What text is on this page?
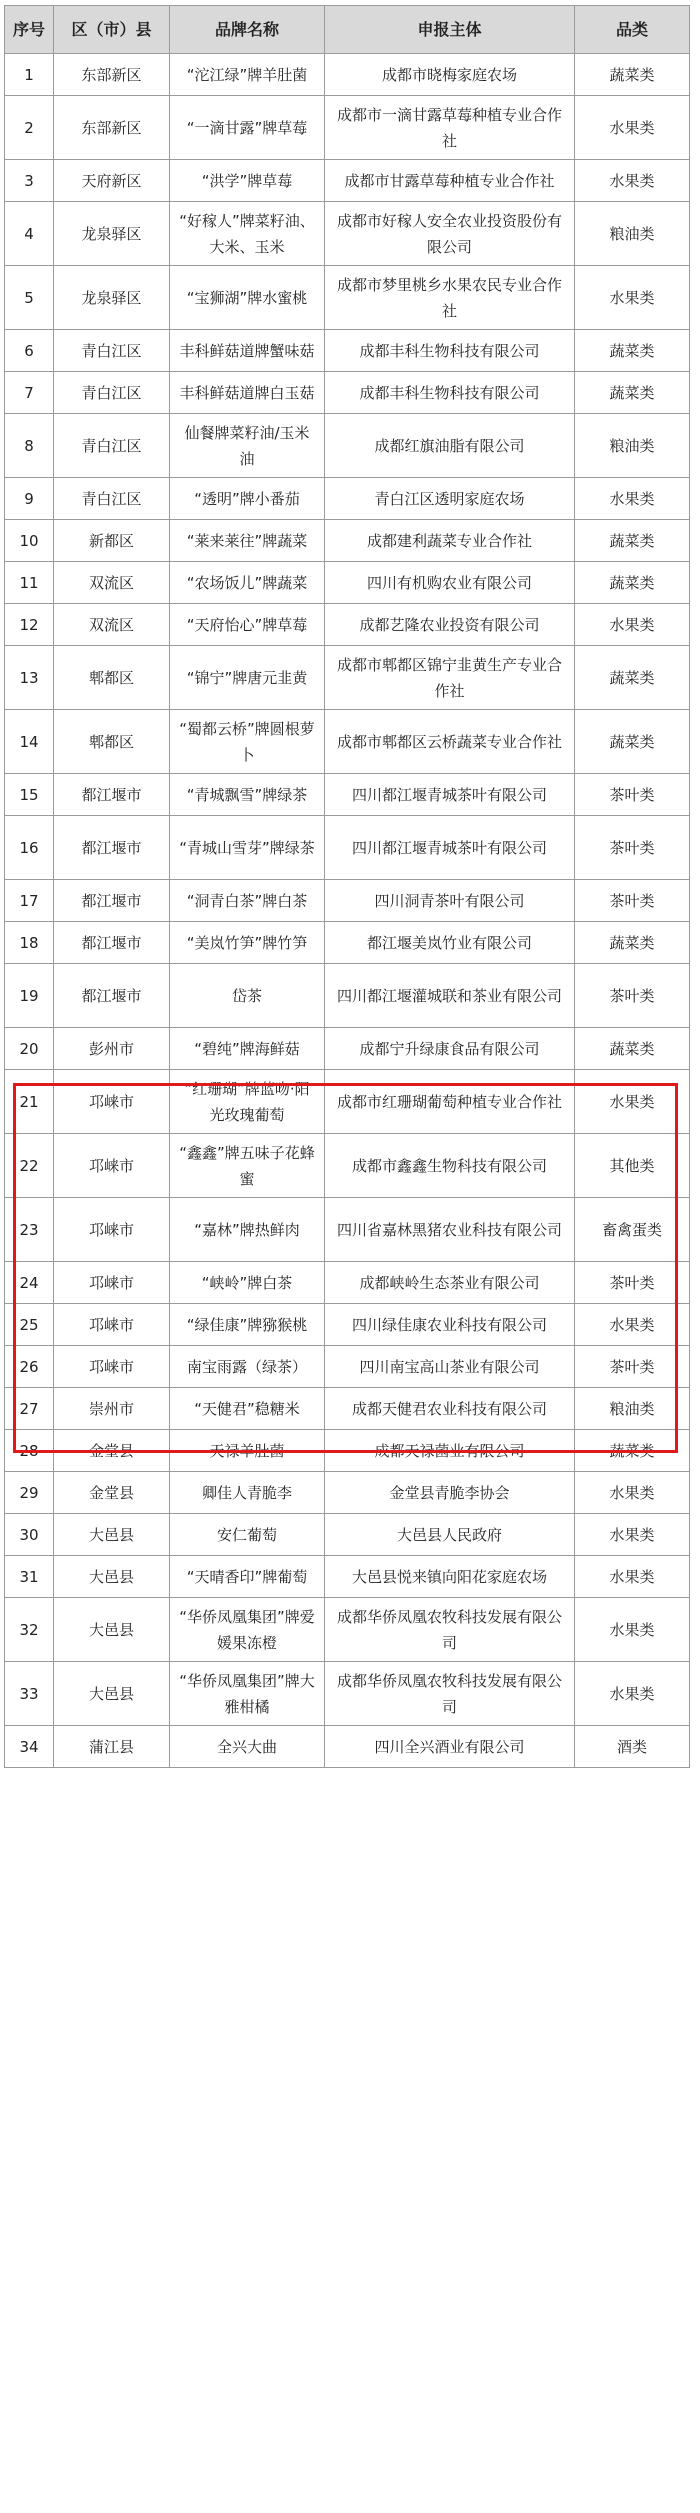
序号	区（市）县	品牌名称	申报主体	品类
1	东部新区	“沱江绿”牌羊肚菌	成都市晓梅家庭农场	蔬菜类
2	东部新区	“一滴甘露”牌草莓	成都市一滴甘露草莓种植专业合作社	水果类
3	天府新区	“洪学”牌草莓	成都市甘露草莓种植专业合作社	水果类
4	龙泉驿区	“好稼人”牌菜籽油、大米、玉米	成都市好稼人安全农业投资股份有限公司	粮油类
5	龙泉驿区	“宝狮湖”牌水蜜桃	成都市梦里桃乡水果农民专业合作社	水果类
6	青白江区	丰科鲜菇道牌蟹味菇	成都丰科生物科技有限公司	蔬菜类
7	青白江区	丰科鲜菇道牌白玉菇	成都丰科生物科技有限公司	蔬菜类
8	青白江区	仙餐牌菜籽油/玉米油	成都红旗油脂有限公司	粮油类
9	青白江区	“透明”牌小番茄	青白江区透明家庭农场	水果类
10	新都区	“莱来莱往”牌蔬菜	成都建利蔬菜专业合作社	蔬菜类
11	双流区	“农场饭儿”牌蔬菜	四川有机购农业有限公司	蔬菜类
12	双流区	“天府怡心”牌草莓	成都艺隆农业投资有限公司	水果类
13	郫都区	“锦宁”牌唐元韭黄	成都市郫都区锦宁韭黄生产专业合作社	蔬菜类
14	郫都区	“蜀都云桥”牌圆根萝卜	成都市郫都区云桥蔬菜专业合作社	蔬菜类
15	都江堰市	“青城飘雪”牌绿茶	四川都江堰青城茶叶有限公司	茶叶类
16	都江堰市	“青城山雪芽”牌绿茶	四川都江堰青城茶叶有限公司	茶叶类
17	都江堰市	“洞青白茶”牌白茶	四川洞青茶叶有限公司	茶叶类
18	都江堰市	“美岚竹笋”牌竹笋	都江堰美岚竹业有限公司	蔬菜类
19	都江堰市	岱茶	四川都江堰灌城联和茶业有限公司	茶叶类
20	彭州市	“碧纯”牌海鲜菇	成都宁升绿康食品有限公司	蔬菜类
21	邛崃市	“红珊瑚”牌蓝吻·阳光玫瑰葡萄	成都市红珊瑚葡萄种植专业合作社	水果类
22	邛崃市	“鑫鑫”牌五味子花蜂蜜	成都市鑫鑫生物科技有限公司	其他类
23	邛崃市	“嘉林”牌热鲜肉	四川省嘉林黑猪农业科技有限公司	畜禽蛋类
24	邛崃市	“峡岭”牌白茶	成都峡岭生态茶业有限公司	茶叶类
25	邛崃市	“绿佳康”牌猕猴桃	四川绿佳康农业科技有限公司	水果类
26	邛崃市	南宝雨露（绿茶）	四川南宝高山茶业有限公司	茶叶类
27	崇州市	“天健君”稳糖米	成都天健君农业科技有限公司	粮油类
28	金堂县	天禄羊肚菌	成都天禄菌业有限公司	蔬菜类
29	金堂县	卿佳人青脆李	金堂县青脆李协会	水果类
30	大邑县	安仁葡萄	大邑县人民政府	水果类
31	大邑县	“天晴香印”牌葡萄	大邑县悦来镇向阳花家庭农场	水果类
32	大邑县	“华侨凤凰集团”牌爱媛果冻橙	成都华侨凤凰农牧科技发展有限公司	水果类
33	大邑县	“华侨凤凰集团”牌大雅柑橘	成都华侨凤凰农牧科技发展有限公司	水果类
34	蒲江县	全兴大曲	四川全兴酒业有限公司	酒类
